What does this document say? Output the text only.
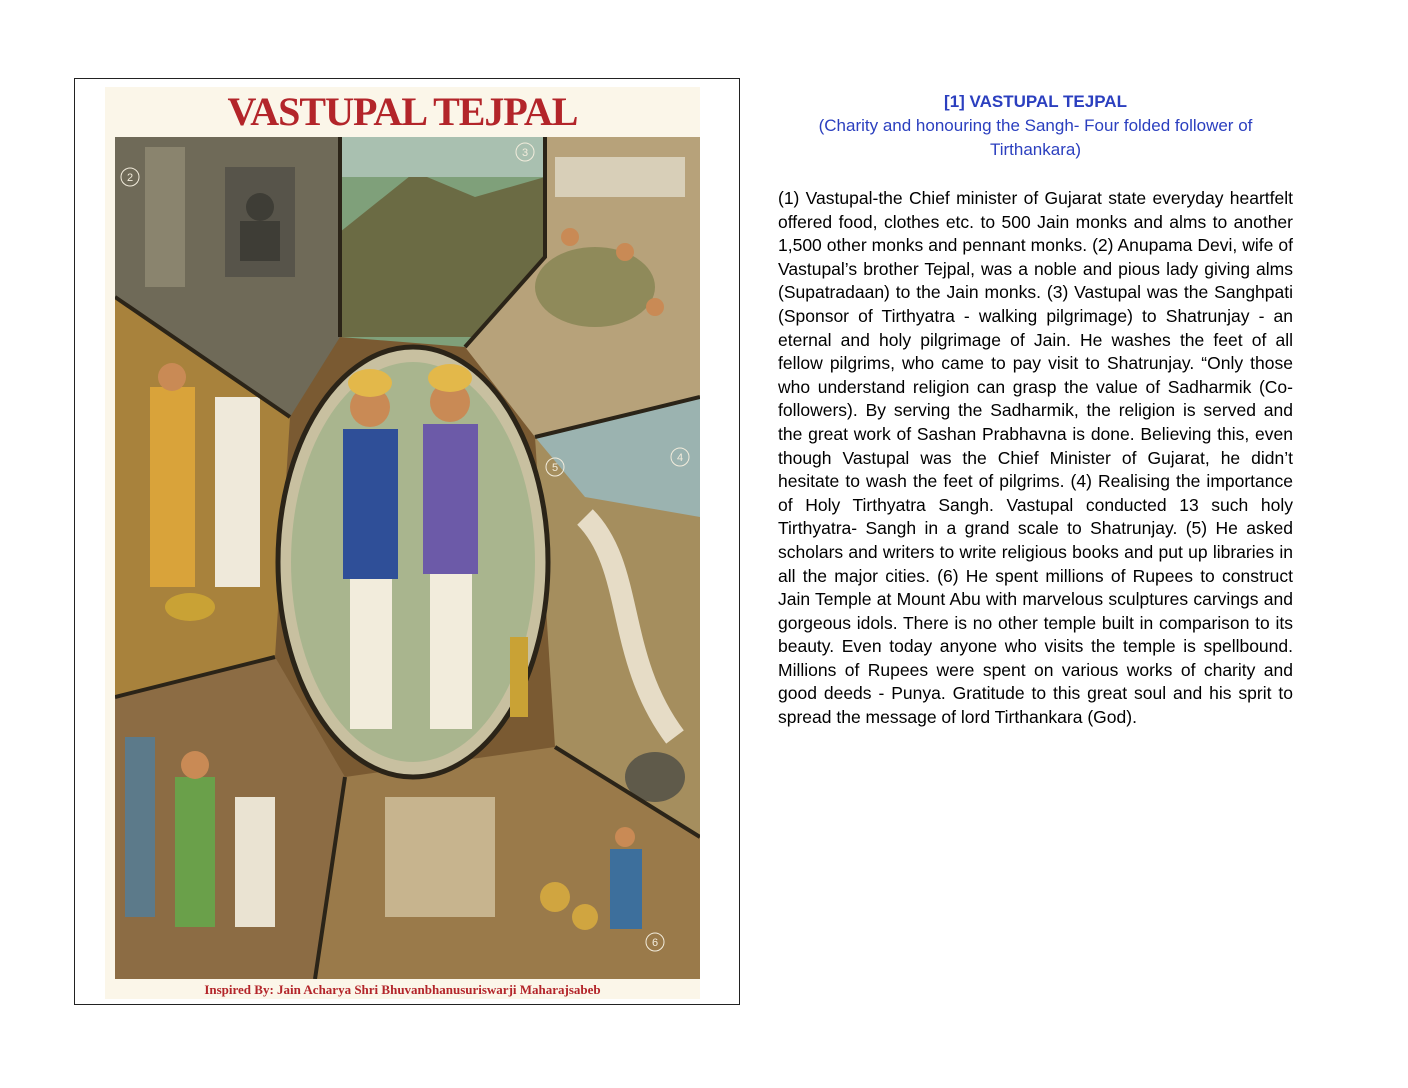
VASTUPAL TEJPAL
2
3
4
5
6
Inspired By: Jain Acharya Shri Bhuvanbhanusuriswarji Maharajsabeb

[1] VASTUPAL TEJPAL

(Charity and honouring the Sangh- Four folded follower of Tirthankara)

(1) Vastupal-the Chief minister of Gujarat state everyday heartfelt offered food, clothes etc. to 500 Jain monks and alms to another 1,500 other monks and pennant monks. (2) Anupama Devi, wife of Vastupal’s brother Tejpal, was a noble and pious lady giving alms (Supatradaan) to the Jain monks. (3) Vastupal was the Sanghpati (Sponsor of Tirthyatra - walking pilgrimage) to Shatrunjay - an eternal and holy pilgrimage of Jain. He washes the feet of all fellow pilgrims, who came to pay visit to Shatrunjay. “Only those who understand religion can grasp the value of Sadharmik (Co-followers). By serving the Sadharmik, the religion is served and the great work of Sashan Prabhavna is done. Believing this, even though Vastupal was the Chief Minister of Gujarat, he didn’t hesitate to wash the feet of pilgrims. (4) Realising the importance of Holy Tirthyatra Sangh. Vastupal conducted 13 such holy Tirthyatra- Sangh in a grand scale to Shatrunjay. (5) He asked scholars and writers to write religious books and put up libraries in all the major cities. (6) He spent millions of Rupees to construct Jain Temple at Mount Abu with marvelous sculptures carvings and gorgeous idols. There is no other temple built in comparison to its beauty. Even today anyone who visits the temple is spellbound. Millions of Rupees were spent on various works of charity and good deeds - Punya. Gratitude to this great soul and his sprit to spread the message of lord Tirthankara (God).
